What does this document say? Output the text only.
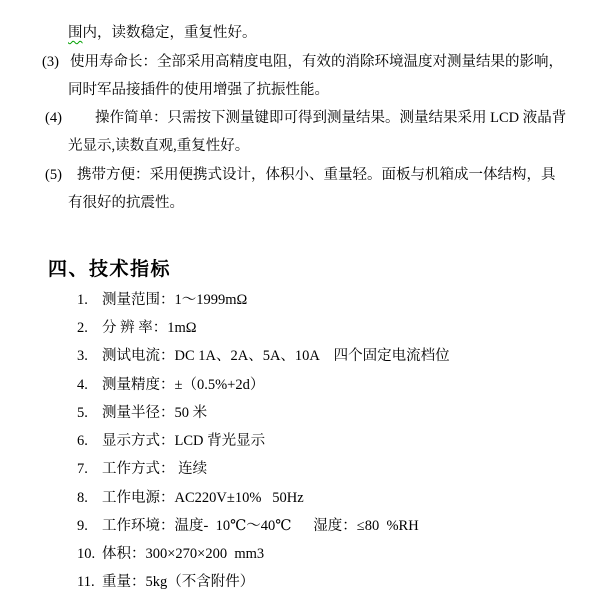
围内，读数稳定，重复性好。
(3) 使用寿命长：全部采用高精度电阻，有效的消除环境温度对测量结果的影响，
同时军品接插件的使用增强了抗振性能。
(4) 操作简单：只需按下测量键即可得到测量结果。测量结果采用 LCD 液晶背
光显示,读数直观,重复性好。
(5) 携带方便：采用便携式设计，体积小、重量轻。面板与机箱成一体结构，具
有很好的抗震性。
四、技术指标
1. 测量范围：1～1999mΩ
2. 分 辨 率：1mΩ
3. 测试电流：DC 1A、2A、5A、10A    四个固定电流档位
4. 测量精度：±（0.5%+2d）
5. 测量半径：50 米
6. 显示方式：LCD 背光显示
7. 工作方式： 连续
8. 工作电源：AC220V±10%   50Hz
9. 工作环境：温度-  10℃～40℃　  湿度：≤80  %RH
10. 体积：300×270×200  mm3
11. 重量：5kg（不含附件）
